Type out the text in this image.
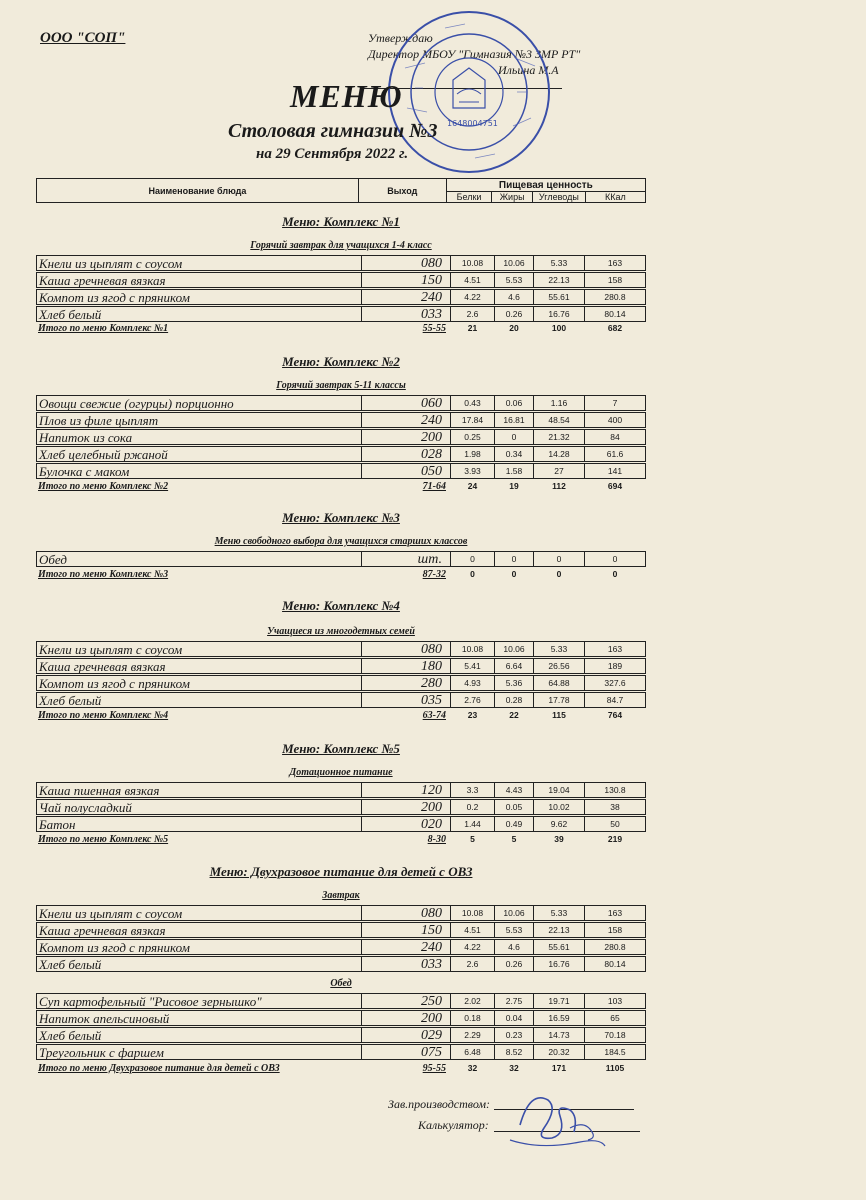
ООО "СОП"	Утверждаю
Директор МБОУ "Гимназия №3 ЗМР РТ"
Ильина М.А
1648004751
МЕНЮ
Столовая гимназии №3
на 29 Сентября 2022 г.
Наименование блюда	Выход	Пищевая ценность			
		Белки	Жиры	Углеводы	ККал
Меню: Комплекс №1
Горячий завтрак для учащихся 1-4 класс
Кнели из цыплят с соусом	080	10.08	10.06	5.33	163
Каша гречневая вязкая	150	4.51	5.53	22.13	158
Компот из ягод с пряником	240	4.22	4.6	55.61	280.8
Хлеб белый	033	2.6	0.26	16.76	80.14
Итого по меню Комплекс №1	55-55	21	20	100	682
Меню: Комплекс №2
Горячий завтрак 5-11 классы
Овощи свежие (огурцы) порционно	060	0.43	0.06	1.16	7
Плов из филе цыплят	240	17.84	16.81	48.54	400
Напиток из сока	200	0.25	0	21.32	84
Хлеб целебный ржаной	028	1.98	0.34	14.28	61.6
Булочка с маком	050	3.93	1.58	27	141
Итого по меню Комплекс №2	71-64	24	19	112	694
Меню: Комплекс №3
Меню свободного выбора для учащихся старших классов
Обед	шт.	0	0	0	0
Итого по меню Комплекс №3	87-32	0	0	0	0
Меню: Комплекс №4
Учащиеся из многодетных семей
Кнели из цыплят с соусом	080	10.08	10.06	5.33	163
Каша гречневая вязкая	180	5.41	6.64	26.56	189
Компот из ягод с пряником	280	4.93	5.36	64.88	327.6
Хлеб белый	035	2.76	0.28	17.78	84.7
Итого по меню Комплекс №4	63-74	23	22	115	764
Меню: Комплекс №5
Дотационное питание
Каша пшенная вязкая	120	3.3	4.43	19.04	130.8
Чай полусладкий	200	0.2	0.05	10.02	38
Батон	020	1.44	0.49	9.62	50
Итого по меню Комплекс №5	8-30	5	5	39	219
Меню: Двухразовое питание для детей с ОВЗ
Завтрак
Кнели из цыплят с соусом	080	10.08	10.06	5.33	163
Каша гречневая вязкая	150	4.51	5.53	22.13	158
Компот из ягод с пряником	240	4.22	4.6	55.61	280.8
Хлеб белый	033	2.6	0.26	16.76	80.14
Обед
Суп картофельный "Рисовое зернышко"	250	2.02	2.75	19.71	103
Напиток апельсиновый	200	0.18	0.04	16.59	65
Хлеб белый	029	2.29	0.23	14.73	70.18
Треугольник с фаршем	075	6.48	8.52	20.32	184.5
Итого по меню Двухразовое питание для детей с ОВЗ	95-55	32	32	171	1105
Зав.производством:
Калькулятор:
